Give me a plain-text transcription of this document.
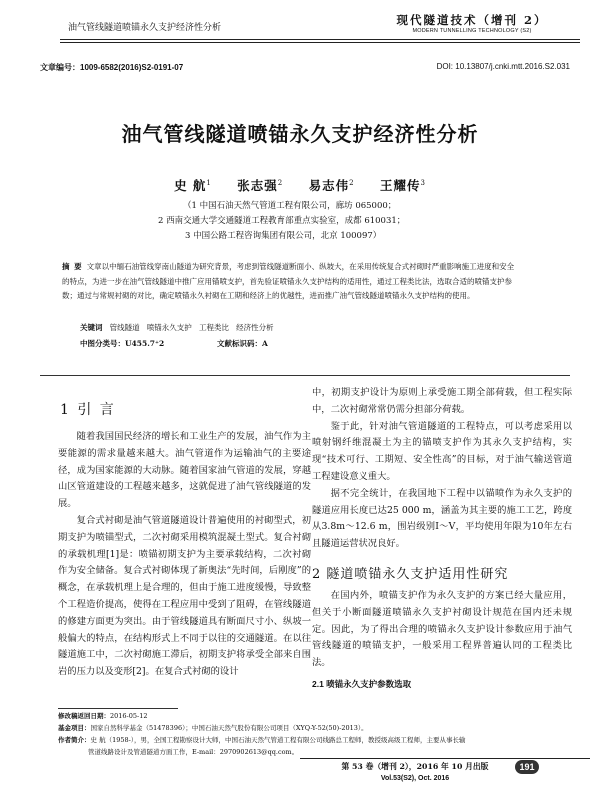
油气管线隧道喷锚永久支护经济性分析
现代隧道技术（增刊 2）
MODERN TUNNELLING TECHNOLOGY (S2)
文章编号：1009-6582(2016)S2-0191-07	DOI: 10.13807/j.cnki.mtt.2016.S2.031
油气管线隧道喷锚永久支护经济性分析
史 航$^1$ 张志强$^2$ 易志伟$^2$ 王耀传$^3$
（1 中国石油天然气管道工程有限公司，廊坊 065000；
2 西南交通大学交通隧道工程教育部重点实验室，成都 610031；
3 中国公路工程咨询集团有限公司，北京 100097）
摘 要 文章以中缅石油管线穿南山隧道为研究背景，考虑到管线隧道断面小、纵坡大，在采用传统复合式衬砌时严重影响施工进度和安全的特点，为进一步在油气管线隧道中推广应用锚喷支护，首先验证喷锚永久支护结构的适用性，通过工程类比法，选取合适的喷锚支护参数；通过与常规衬砌的对比，确定喷锚永久衬砌在工期和经济上的优越性，进而推广油气管线隧道喷锚永久支护结构的使用。
关键词 管线隧道 喷锚永久支护 工程类比 经济性分析
中图分类号：U455.7⁺2	文献标识码：A
1 引 言

随着我国国民经济的增长和工业生产的发展，油气作为主要能源的需求量越来越大。油气管道作为运输油气的主要途径，成为国家能源的大动脉。随着国家油气管道的发展，穿越山区管道建设的工程越来越多，这就促进了油气管线隧道的发展。

复合式衬砌是油气管道隧道设计普遍使用的衬砌型式，初期支护为喷锚型式，二次衬砌采用模筑混凝土型式。复合衬砌的承载机理[1]是：喷锚初期支护为主要承载结构，二次衬砌作为安全储备。复合式衬砌体现了新奥法“先时间，后刚度”的概念，在承载机理上是合理的，但由于施工进度缓慢，导致整个工程造价提高，使得在工程应用中受到了阻碍，在管线隧道的修建方面更为突出。由于管线隧道具有断面尺寸小、纵坡一般偏大的特点，在结构形式上不同于以往的交通隧道。在以往隧道施工中，二次衬砌施工滞后，初期支护将承受全部来自围岩的压力以及变形[2]。在复合式衬砌的设计

中，初期支护设计为原则上承受施工期全部荷载，但工程实际中，二次衬砌常常仍需分担部分荷载。

鉴于此，针对油气管道隧道的工程特点，可以考虑采用以喷射钢纤维混凝土为主的锚喷支护作为其永久支护结构，实现“技术可行、工期短、安全性高”的目标，对于油气输送管道工程建设意义重大。

据不完全统计，在我国地下工程中以锚喷作为永久支护的隧道应用长度已达25 000 m，涵盖为其主要的施工工艺，跨度从3.8m～12.6 m，围岩级别Ⅰ～Ⅴ，平均使用年限为10年左右且隧道运营状况良好。

2 隧道喷锚永久支护适用性研究

在国内外，喷锚支护作为永久支护的方案已经大量应用，但关于小断面隧道喷锚永久支护衬砌设计规范在国内还未规定。因此，为了得出合理的喷锚永久支护设计参数应用于油气管线隧道的喷锚支护，一般采用工程界普遍认同的工程类比法。

2.1 喷锚永久支护参数选取
修改稿返回日期：2016-05-12
基金项目：国家自然科学基金（51478396）；中国石油天然气股份有限公司项目（XYQ-Y-52(50)-2013）。
作者简介：史 航（1958-），男，全国工程勘察设计大师，中国石油天然气管道工程有限公司线路总工程师，教授级高级工程师，主要从事长输
管道线路设计及管道隧道方面工作，E-mail：2970902613@qq.com。
第 53 卷（增刊 2），2016 年 10 月出版
Vol.53(S2), Oct. 2016
191
